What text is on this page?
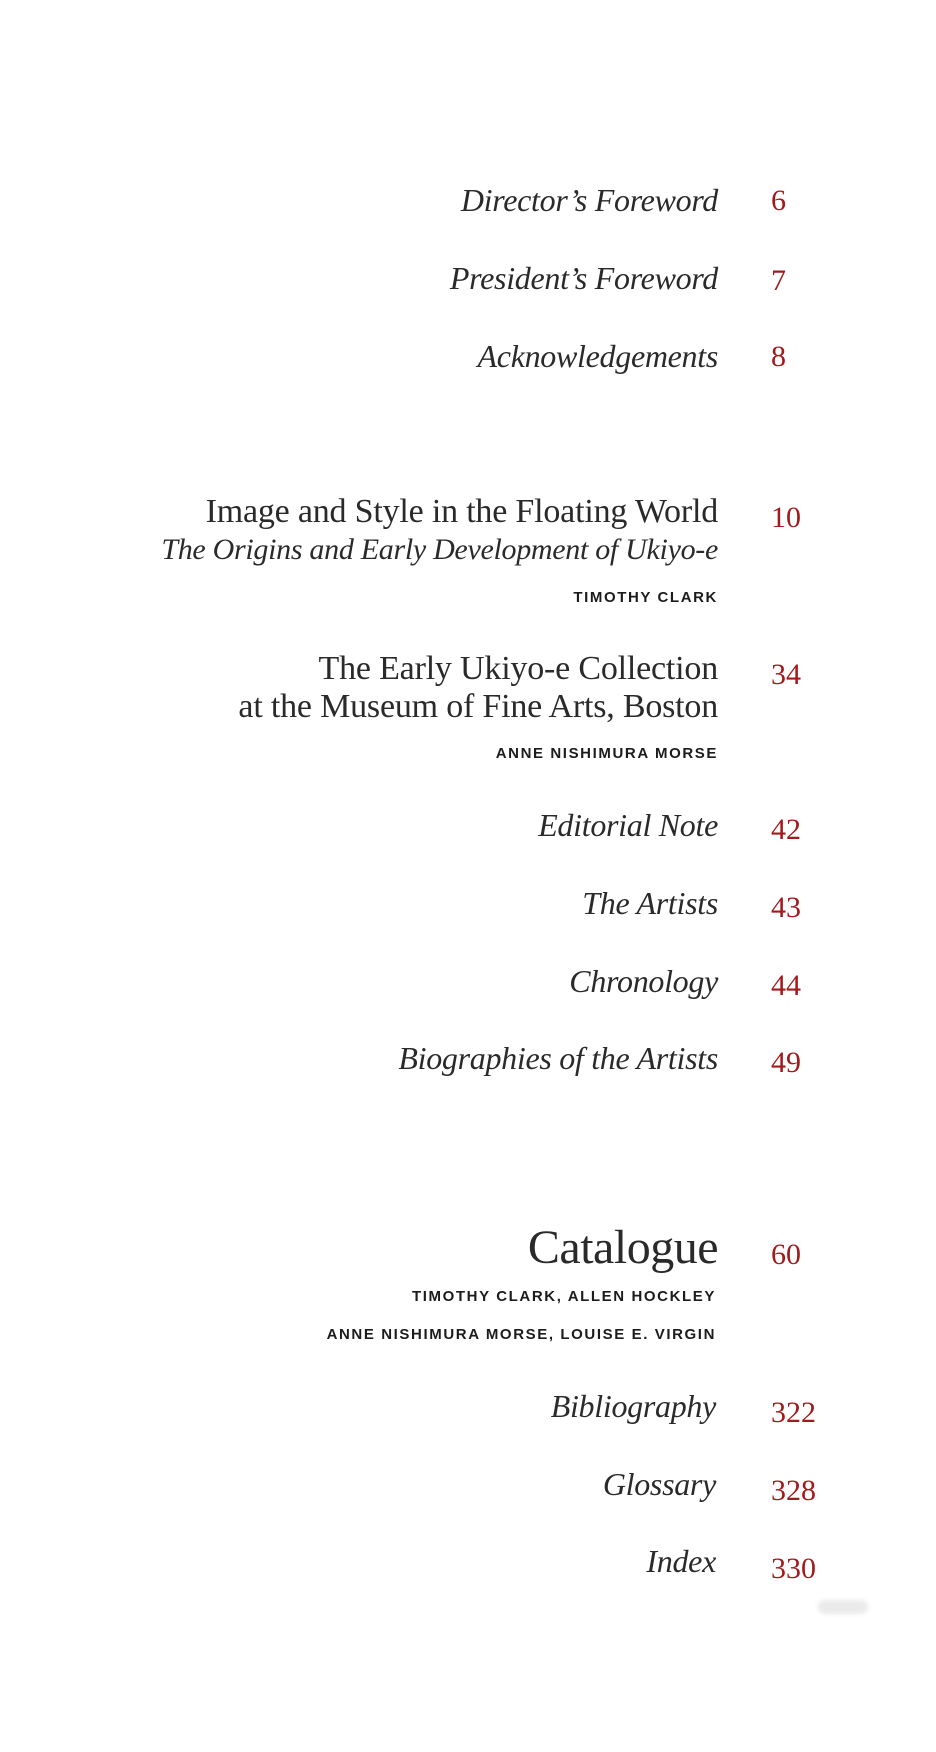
Director’s Foreword 6
President’s Foreword 7
Acknowledgements 8
Image and Style in the Floating World 10
The Origins and Early Development of Ukiyo-e
TIMOTHY CLARK
The Early Ukiyo-e Collection 34
at the Museum of Fine Arts, Boston
ANNE NISHIMURA MORSE
Editorial Note 42
The Artists 43
Chronology 44
Biographies of the Artists 49
Catalogue 60
TIMOTHY CLARK, ALLEN HOCKLEY
ANNE NISHIMURA MORSE, LOUISE E. VIRGIN
Bibliography 322
Glossary 328
Index 330
